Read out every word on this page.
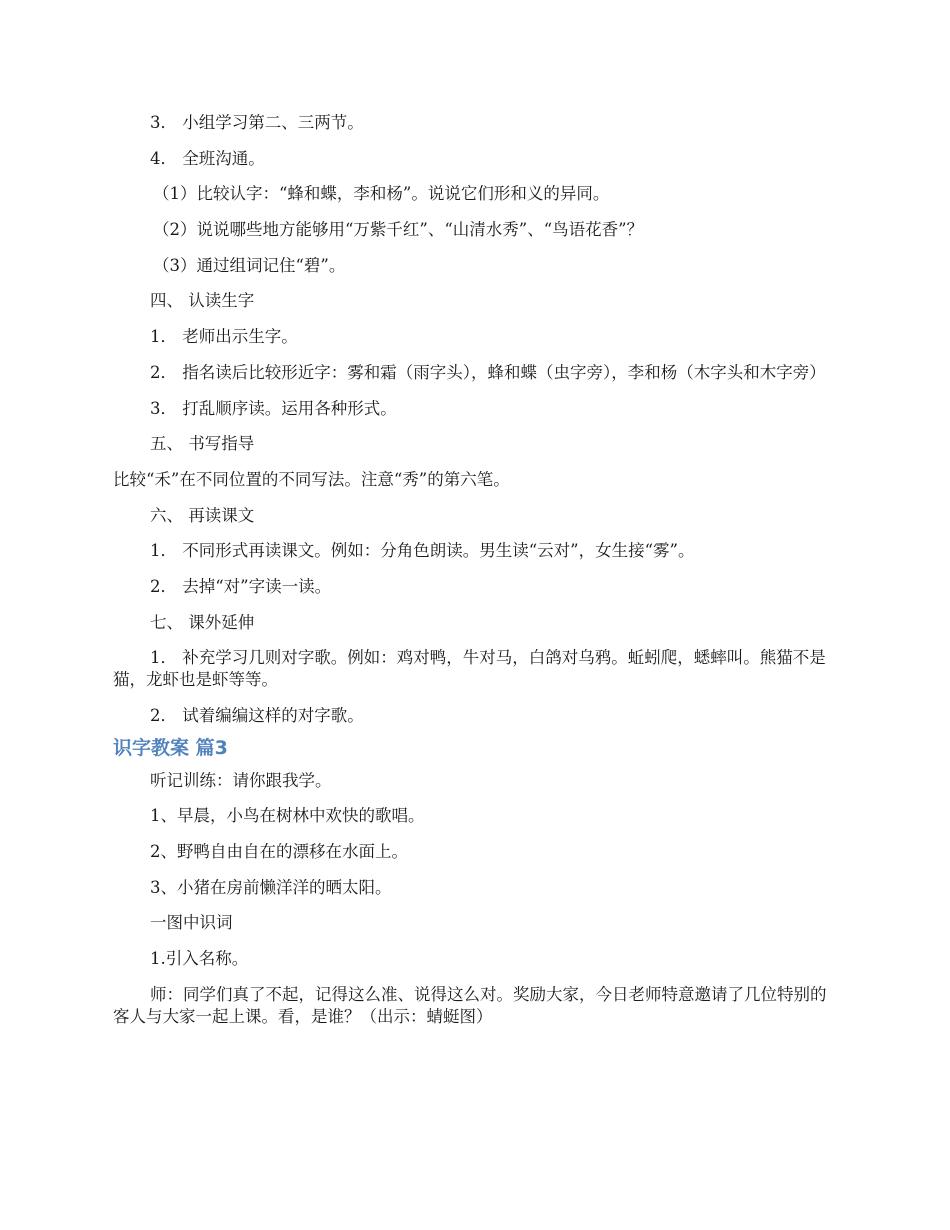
3． 小组学习第二、三两节。

4． 全班沟通。

（1）比较认字：“蜂和蝶，李和杨”。说说它们形和义的异同。

（2）说说哪些地方能够用“万紫千红”、“山清水秀”、“鸟语花香”？

（3）通过组词记住“碧”。

四、 认读生字

1． 老师出示生字。

2． 指名读后比较形近字：雾和霜（雨字头），蜂和蝶（虫字旁），李和杨（木字头和木字旁）

3． 打乱顺序读。运用各种形式。

五、 书写指导

比较“禾”在不同位置的不同写法。注意“秀”的第六笔。

六、 再读课文

1． 不同形式再读课文。例如：分角色朗读。男生读“云对”，女生接“雾”。

2． 去掉“对”字读一读。

七、 课外延伸

1． 补充学习几则对字歌。例如：鸡对鸭，牛对马，白鸽对乌鸦。蚯蚓爬，蟋蟀叫。熊猫不是猫，龙虾也是虾等等。

2． 试着编编这样的对字歌。

识字教案 篇3

听记训练：请你跟我学。

1、早晨，小鸟在树林中欢快的歌唱。

2、野鸭自由自在的漂移在水面上。

3、小猪在房前懒洋洋的晒太阳。

一图中识词

1.引入名称。

师：同学们真了不起，记得这么准、说得这么对。奖励大家，今日老师特意邀请了几位特别的客人与大家一起上课。看，是谁？（出示：蜻蜓图）
